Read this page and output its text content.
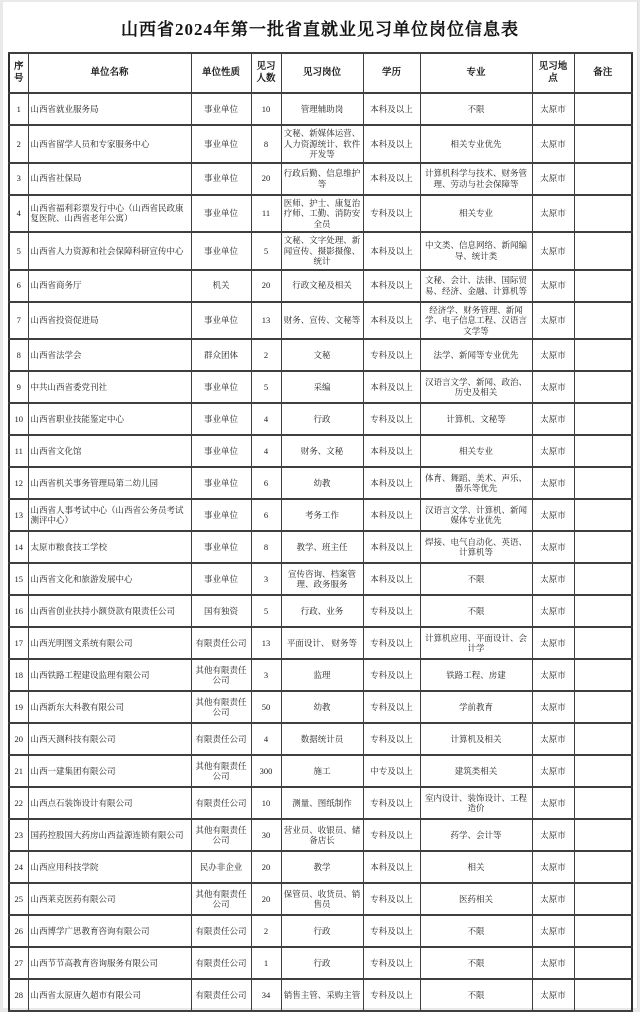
山西省2024年第一批省直就业见习单位岗位信息表
序号	单位名称	单位性质	见习人数	见习岗位	学历	专业	见习地点	备注
1	山西省就业服务局	事业单位	10	管理辅助岗	本科及以上	不限	太原市	
2	山西省留学人员和专家服务中心	事业单位	8	文秘、新媒体运营、人力资源统计、软件开发等	本科及以上	相关专业优先	太原市	
3	山西省社保局	事业单位	20	行政后勤、信息维护等	本科及以上	计算机科学与技术、财务管理、劳动与社会保障等	太原市	
4	山西省福利彩票发行中心（山西省民政康复医院、山西省老年公寓）	事业单位	11	医师、护士、康复治疗师、工勤、消防安全员	专科及以上	相关专业	太原市	
5	山西省人力资源和社会保障科研宣传中心	事业单位	5	文秘、文字处理、新闻宣传、摄影摄像、统计	本科及以上	中文类、信息网络、新闻编导、统计类	太原市	
6	山西省商务厅	机关	20	行政文秘及相关	本科及以上	文秘、会计、法律、国际贸易、经济、金融、计算机等	太原市	
7	山西省投资促进局	事业单位	13	财务、宣传、文秘等	本科及以上	经济学、财务管理、新闻学、电子信息工程、汉语言文学等	太原市	
8	山西省法学会	群众团体	2	文秘	专科及以上	法学、新闻等专业优先	太原市	
9	中共山西省委党刊社	事业单位	5	采编	本科及以上	汉语言文学、新闻、政治、历史及相关	太原市	
10	山西省职业技能鉴定中心	事业单位	4	行政	专科及以上	计算机、文秘等	太原市	
11	山西省文化馆	事业单位	4	财务、文秘	本科及以上	相关专业	太原市	
12	山西省机关事务管理局第二幼儿园	事业单位	6	幼教	本科及以上	体育、舞蹈、美术、声乐、器乐等优先	太原市	
13	山西省人事考试中心（山西省公务员考试测评中心）	事业单位	6	考务工作	本科及以上	汉语言文学、计算机、新闻媒体专业优先	太原市	
14	太原市粮食技工学校	事业单位	8	教学、班主任	本科及以上	焊接、电气自动化、英语、计算机等	太原市	
15	山西省文化和旅游发展中心	事业单位	3	宣传咨询、档案管理、政务服务	本科及以上	不限	太原市	
16	山西省创业扶持小额贷款有限责任公司	国有独资	5	行政、业务	专科及以上	不限	太原市	
17	山西光明图文系统有限公司	有限责任公司	13	平面设计、 财务等	专科及以上	计算机应用、平面设计、会计学	太原市	
18	山西铁路工程建设监理有限公司	其他有限责任公司	3	监理	专科及以上	铁路工程、房建	太原市	
19	山西新东大科教有限公司	其他有限责任公司	50	幼教	专科及以上	学前教育	太原市	
20	山西天测科技有限公司	有限责任公司	4	数据统计员	专科及以上	计算机及相关	太原市	
21	山西一建集团有限公司	其他有限责任公司	300	施工	中专及以上	建筑类相关	太原市	
22	山西点石装饰设计有限公司	有限责任公司	10	测量、图纸制作	专科及以上	室内设计、装饰设计、工程造价	太原市	
23	国药控股国大药房山西益源连锁有限公司	其他有限责任公司	30	营业员、收银员、储备店长	专科及以上	药学、会计等	太原市	
24	山西应用科技学院	民办非企业	20	教学	本科及以上	相关	太原市	
25	山西莱克医药有限公司	其他有限责任公司	20	保管员、收货员、销售员	专科及以上	医药相关	太原市	
26	山西博学广思教育咨询有限公司	有限责任公司	2	行政	专科及以上	不限	太原市	
27	山西节节高教育咨询服务有限公司	有限责任公司	1	行政	专科及以上	不限	太原市	
28	山西省太原唐久超市有限公司	有限责任公司	34	销售主管、采购主管	专科及以上	不限	太原市	
